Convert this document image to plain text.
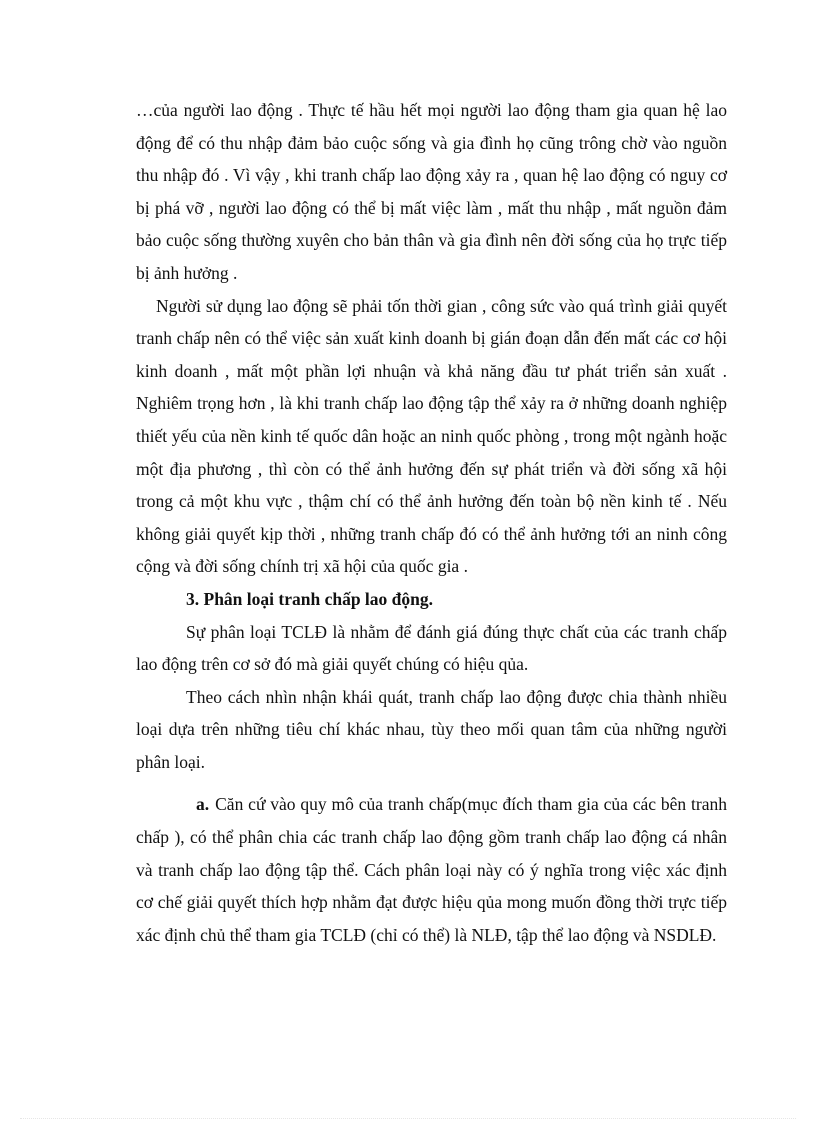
…của người lao động . Thực tế hầu hết mọi người lao động tham gia quan hệ lao động để có thu nhập đảm bảo cuộc sống và gia đình họ cũng trông chờ vào nguồn thu nhập đó . Vì vậy , khi tranh chấp lao động xảy ra , quan hệ lao động có nguy cơ bị phá vỡ , người lao động có thể bị mất việc làm , mất thu nhập , mất nguồn đảm bảo cuộc sống thường xuyên cho bản thân và gia đình nên đời sống của họ trực tiếp bị ảnh hưởng .

Người sử dụng lao động sẽ phải tốn thời gian , công sức vào quá trình giải quyết tranh chấp nên có thể việc sản xuất kinh doanh bị gián đoạn dẫn đến mất các cơ hội kinh doanh , mất một phần lợi nhuận và khả năng đầu tư phát triển sản xuất . Nghiêm trọng hơn , là khi tranh chấp lao động tập thể xảy ra ở những doanh nghiệp thiết yếu của nền kinh tế quốc dân hoặc an ninh quốc phòng , trong một ngành hoặc một địa phương , thì còn có thể ảnh hưởng đến sự phát triển và đời sống xã hội trong cả một khu vực , thậm chí có thể ảnh hưởng đến toàn bộ nền kinh tế . Nếu không giải quyết kịp thời , những tranh chấp đó có thể ảnh hưởng tới an ninh công cộng và đời sống chính trị xã hội của quốc gia .

3. Phân loại tranh chấp lao động.

Sự phân loại TCLĐ là nhằm để đánh giá đúng thực chất của các tranh chấp lao động trên cơ sở đó mà giải quyết chúng có hiệu qủa.

Theo cách nhìn nhận khái quát, tranh chấp lao động được chia thành nhiều loại dựa trên những tiêu chí khác nhau, tùy theo mối quan tâm của những người phân loại.

a. Căn cứ vào quy mô của tranh chấp(mục đích tham gia của các bên tranh chấp ), có thể phân chia các tranh chấp lao động gồm tranh chấp lao động cá nhân và tranh chấp lao động tập thể. Cách phân loại này có ý nghĩa trong việc xác định cơ chế giải quyết thích hợp nhằm đạt được hiệu qủa mong muốn đồng thời trực tiếp xác định chủ thể tham gia TCLĐ (chỉ có thể) là NLĐ, tập thể lao động và NSDLĐ.
